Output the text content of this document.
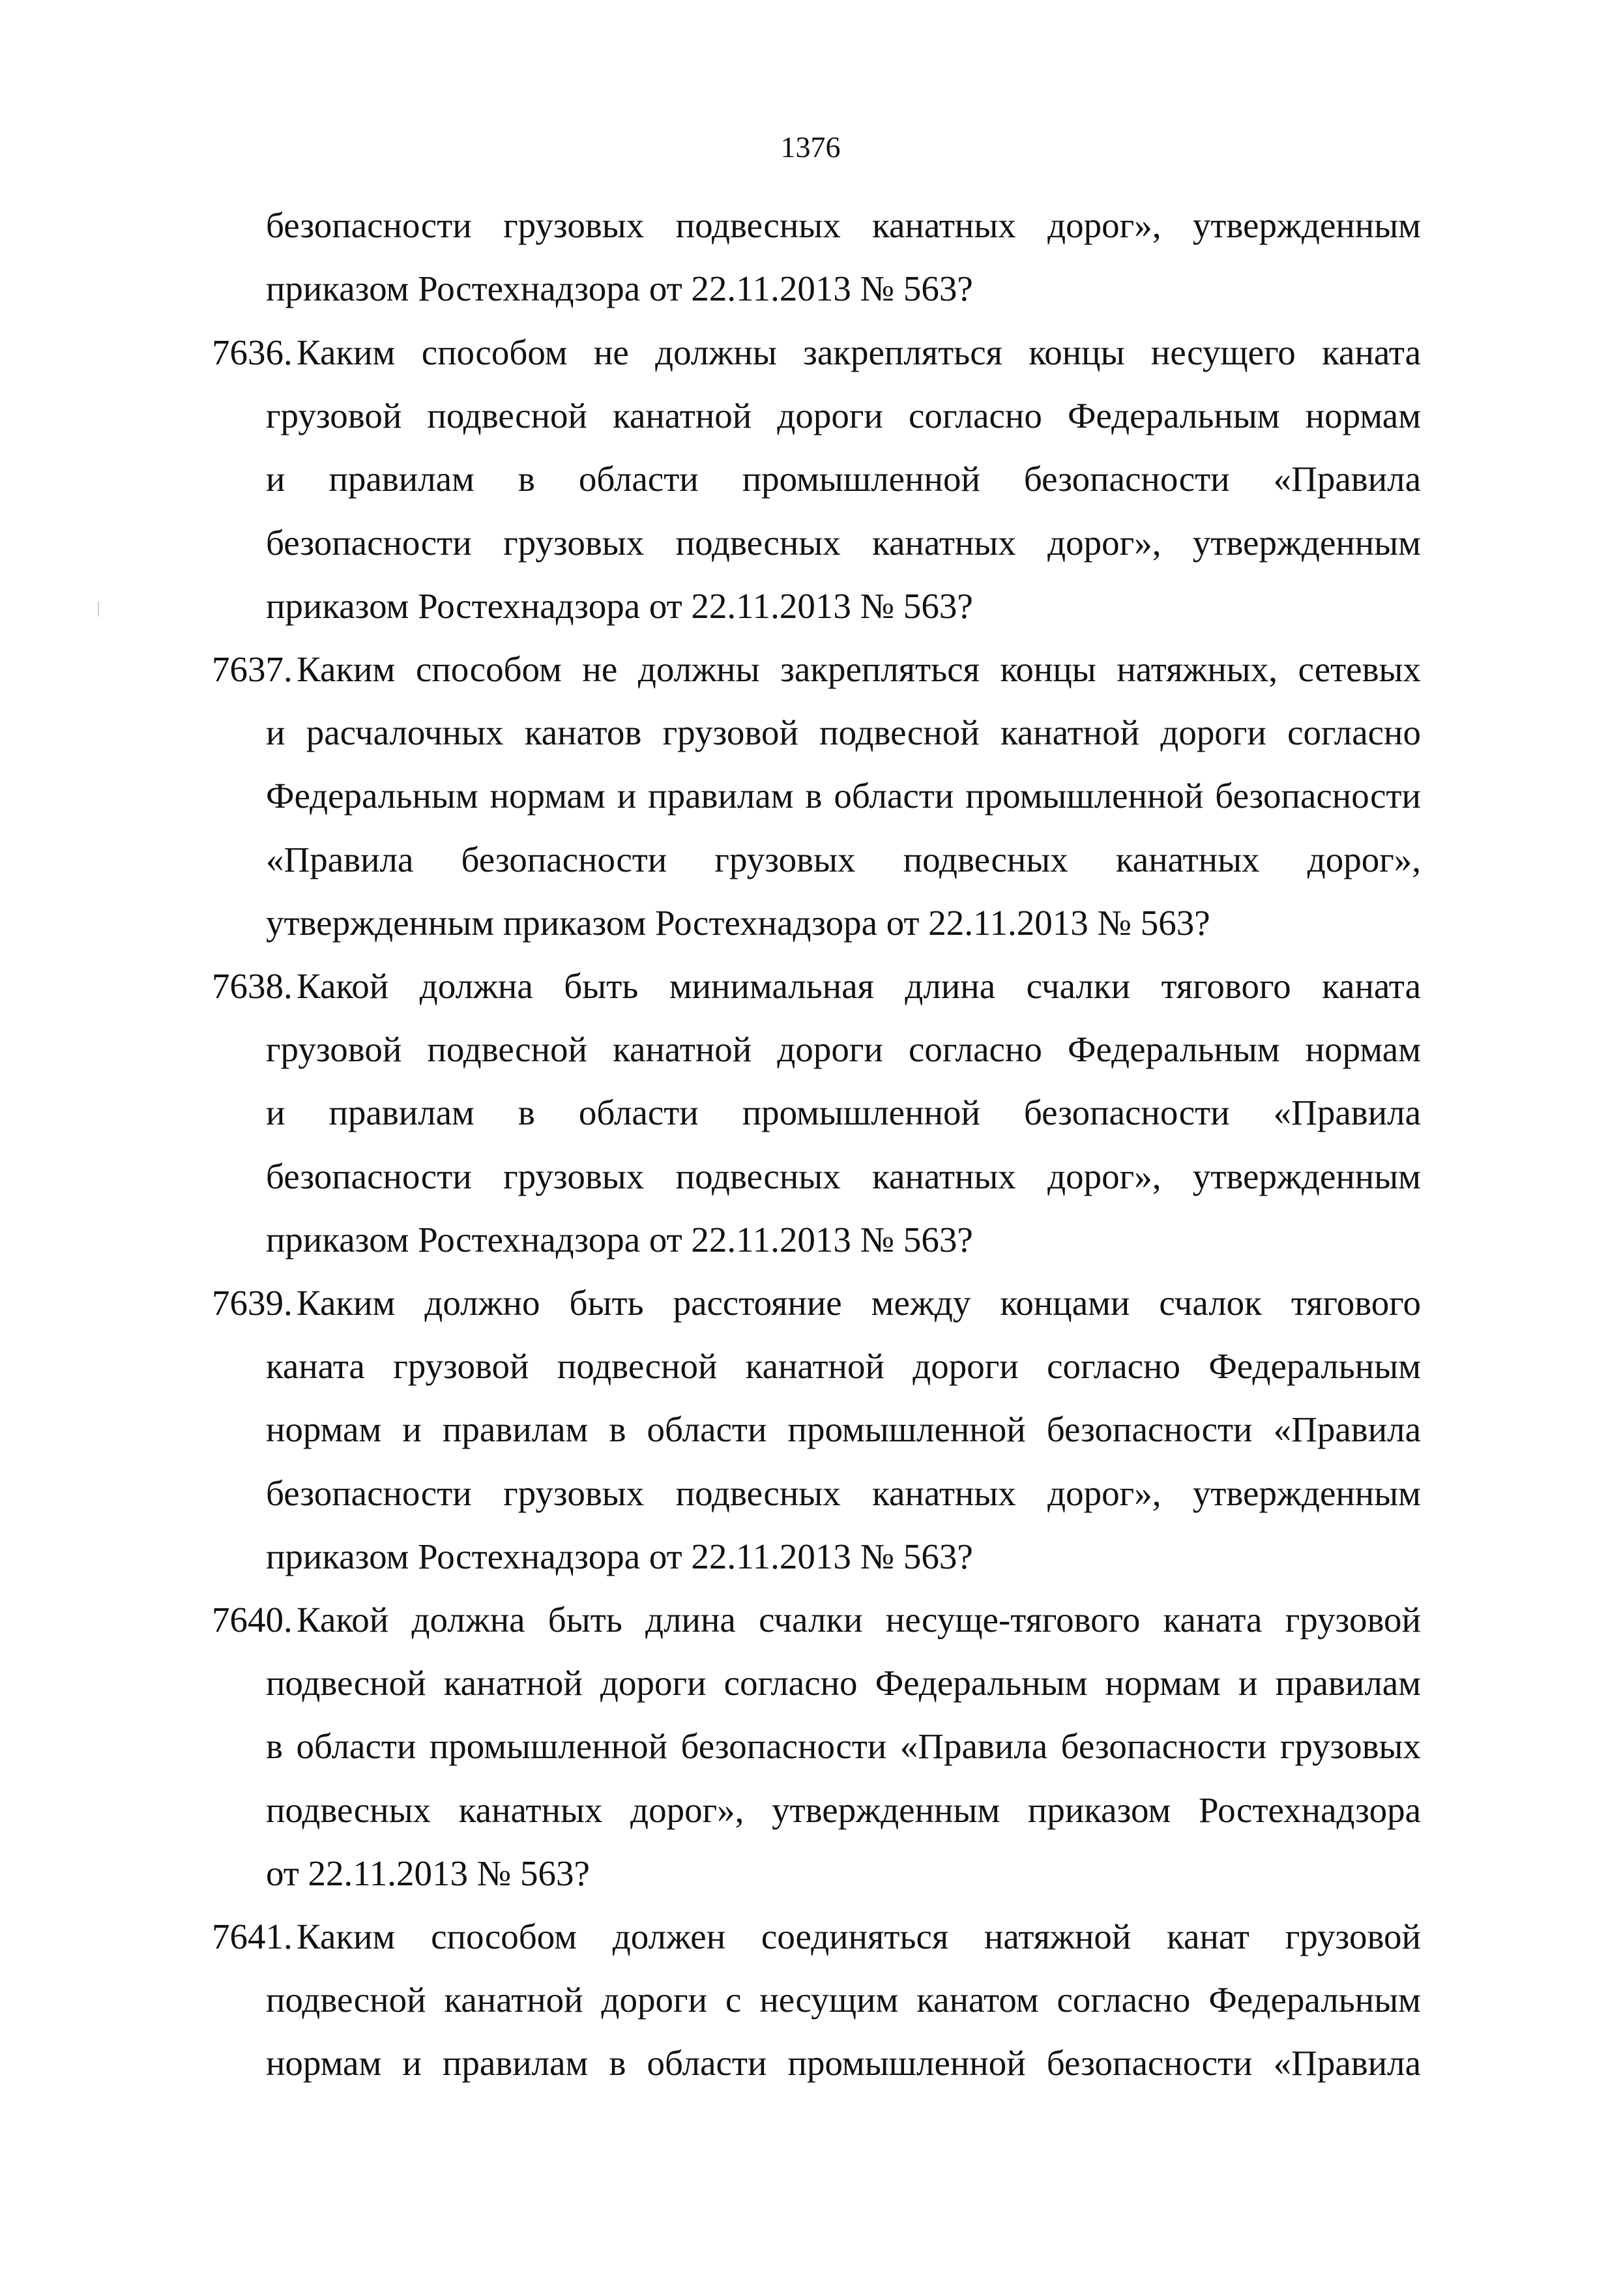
1376
безопасности грузовых подвесных канатных дорог», утвержденным
приказом Ростехнадзора от 22.11.2013 № 563?
7636. Каким способом не должны закрепляться концы несущего каната
грузовой подвесной канатной дороги согласно Федеральным нормам
и правилам в области промышленной безопасности «Правила
безопасности грузовых подвесных канатных дорог», утвержденным
приказом Ростехнадзора от 22.11.2013 № 563?
7637. Каким способом не должны закрепляться концы натяжных, сетевых
и расчалочных канатов грузовой подвесной канатной дороги согласно
Федеральным нормам и правилам в области промышленной безопасности
«Правила безопасности грузовых подвесных канатных дорог»,
утвержденным приказом Ростехнадзора от 22.11.2013 № 563?
7638. Какой должна быть минимальная длина счалки тягового каната
грузовой подвесной канатной дороги согласно Федеральным нормам
и правилам в области промышленной безопасности «Правила
безопасности грузовых подвесных канатных дорог», утвержденным
приказом Ростехнадзора от 22.11.2013 № 563?
7639. Каким должно быть расстояние между концами счалок тягового
каната грузовой подвесной канатной дороги согласно Федеральным
нормам и правилам в области промышленной безопасности «Правила
безопасности грузовых подвесных канатных дорог», утвержденным
приказом Ростехнадзора от 22.11.2013 № 563?
7640. Какой должна быть длина счалки несуще-тягового каната грузовой
подвесной канатной дороги согласно Федеральным нормам и правилам
в области промышленной безопасности «Правила безопасности грузовых
подвесных канатных дорог», утвержденным приказом Ростехнадзора
от 22.11.2013 № 563?
7641. Каким способом должен соединяться натяжной канат грузовой
подвесной канатной дороги с несущим канатом согласно Федеральным
нормам и правилам в области промышленной безопасности «Правила
